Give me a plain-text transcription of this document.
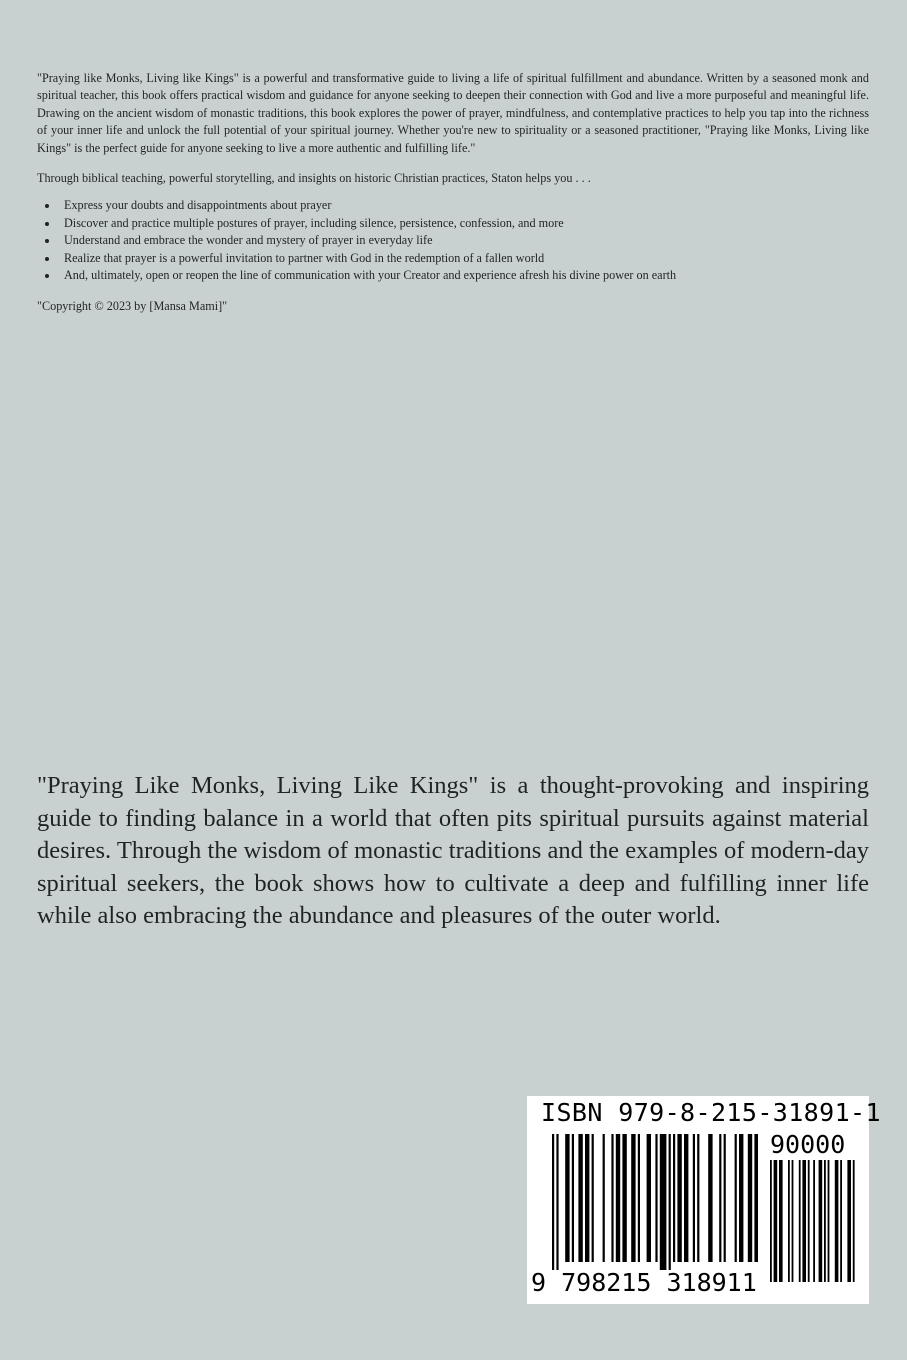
"Praying like Monks, Living like Kings" is a powerful and transformative guide to living a life of spiritual fulfillment and abundance. Written by a seasoned monk and spiritual teacher, this book offers practical wisdom and guidance for anyone seeking to deepen their connection with God and live a more purposeful and meaningful life. Drawing on the ancient wisdom of monastic traditions, this book explores the power of prayer, mindfulness, and contemplative practices to help you tap into the richness of your inner life and unlock the full potential of your spiritual journey. Whether you're new to spirituality or a seasoned practitioner, "Praying like Monks, Living like Kings" is the perfect guide for anyone seeking to live a more authentic and fulfilling life."

Through biblical teaching, powerful storytelling, and insights on historic Christian practices, Staton helps you . . .

Express your doubts and disappointments about prayer
Discover and practice multiple postures of prayer, including silence, persistence, confession, and more
Understand and embrace the wonder and mystery of prayer in everyday life
Realize that prayer is a powerful invitation to partner with God in the redemption of a fallen world
And, ultimately, open or reopen the line of communication with your Creator and experience afresh his divine power on earth

"Copyright © 2023 by [Mansa Mami]"

"Praying Like Monks, Living Like Kings" is a thought-provoking and inspiring guide to finding balance in a world that often pits spiritual pursuits against material desires. Through the wisdom of monastic traditions and the examples of modern-day spiritual seekers, the book shows how to cultivate a deep and fulfilling inner life while also embracing the abundance and pleasures of the outer world.

ISBN 979-8-215-31891-1
90000
9 798215 318911
